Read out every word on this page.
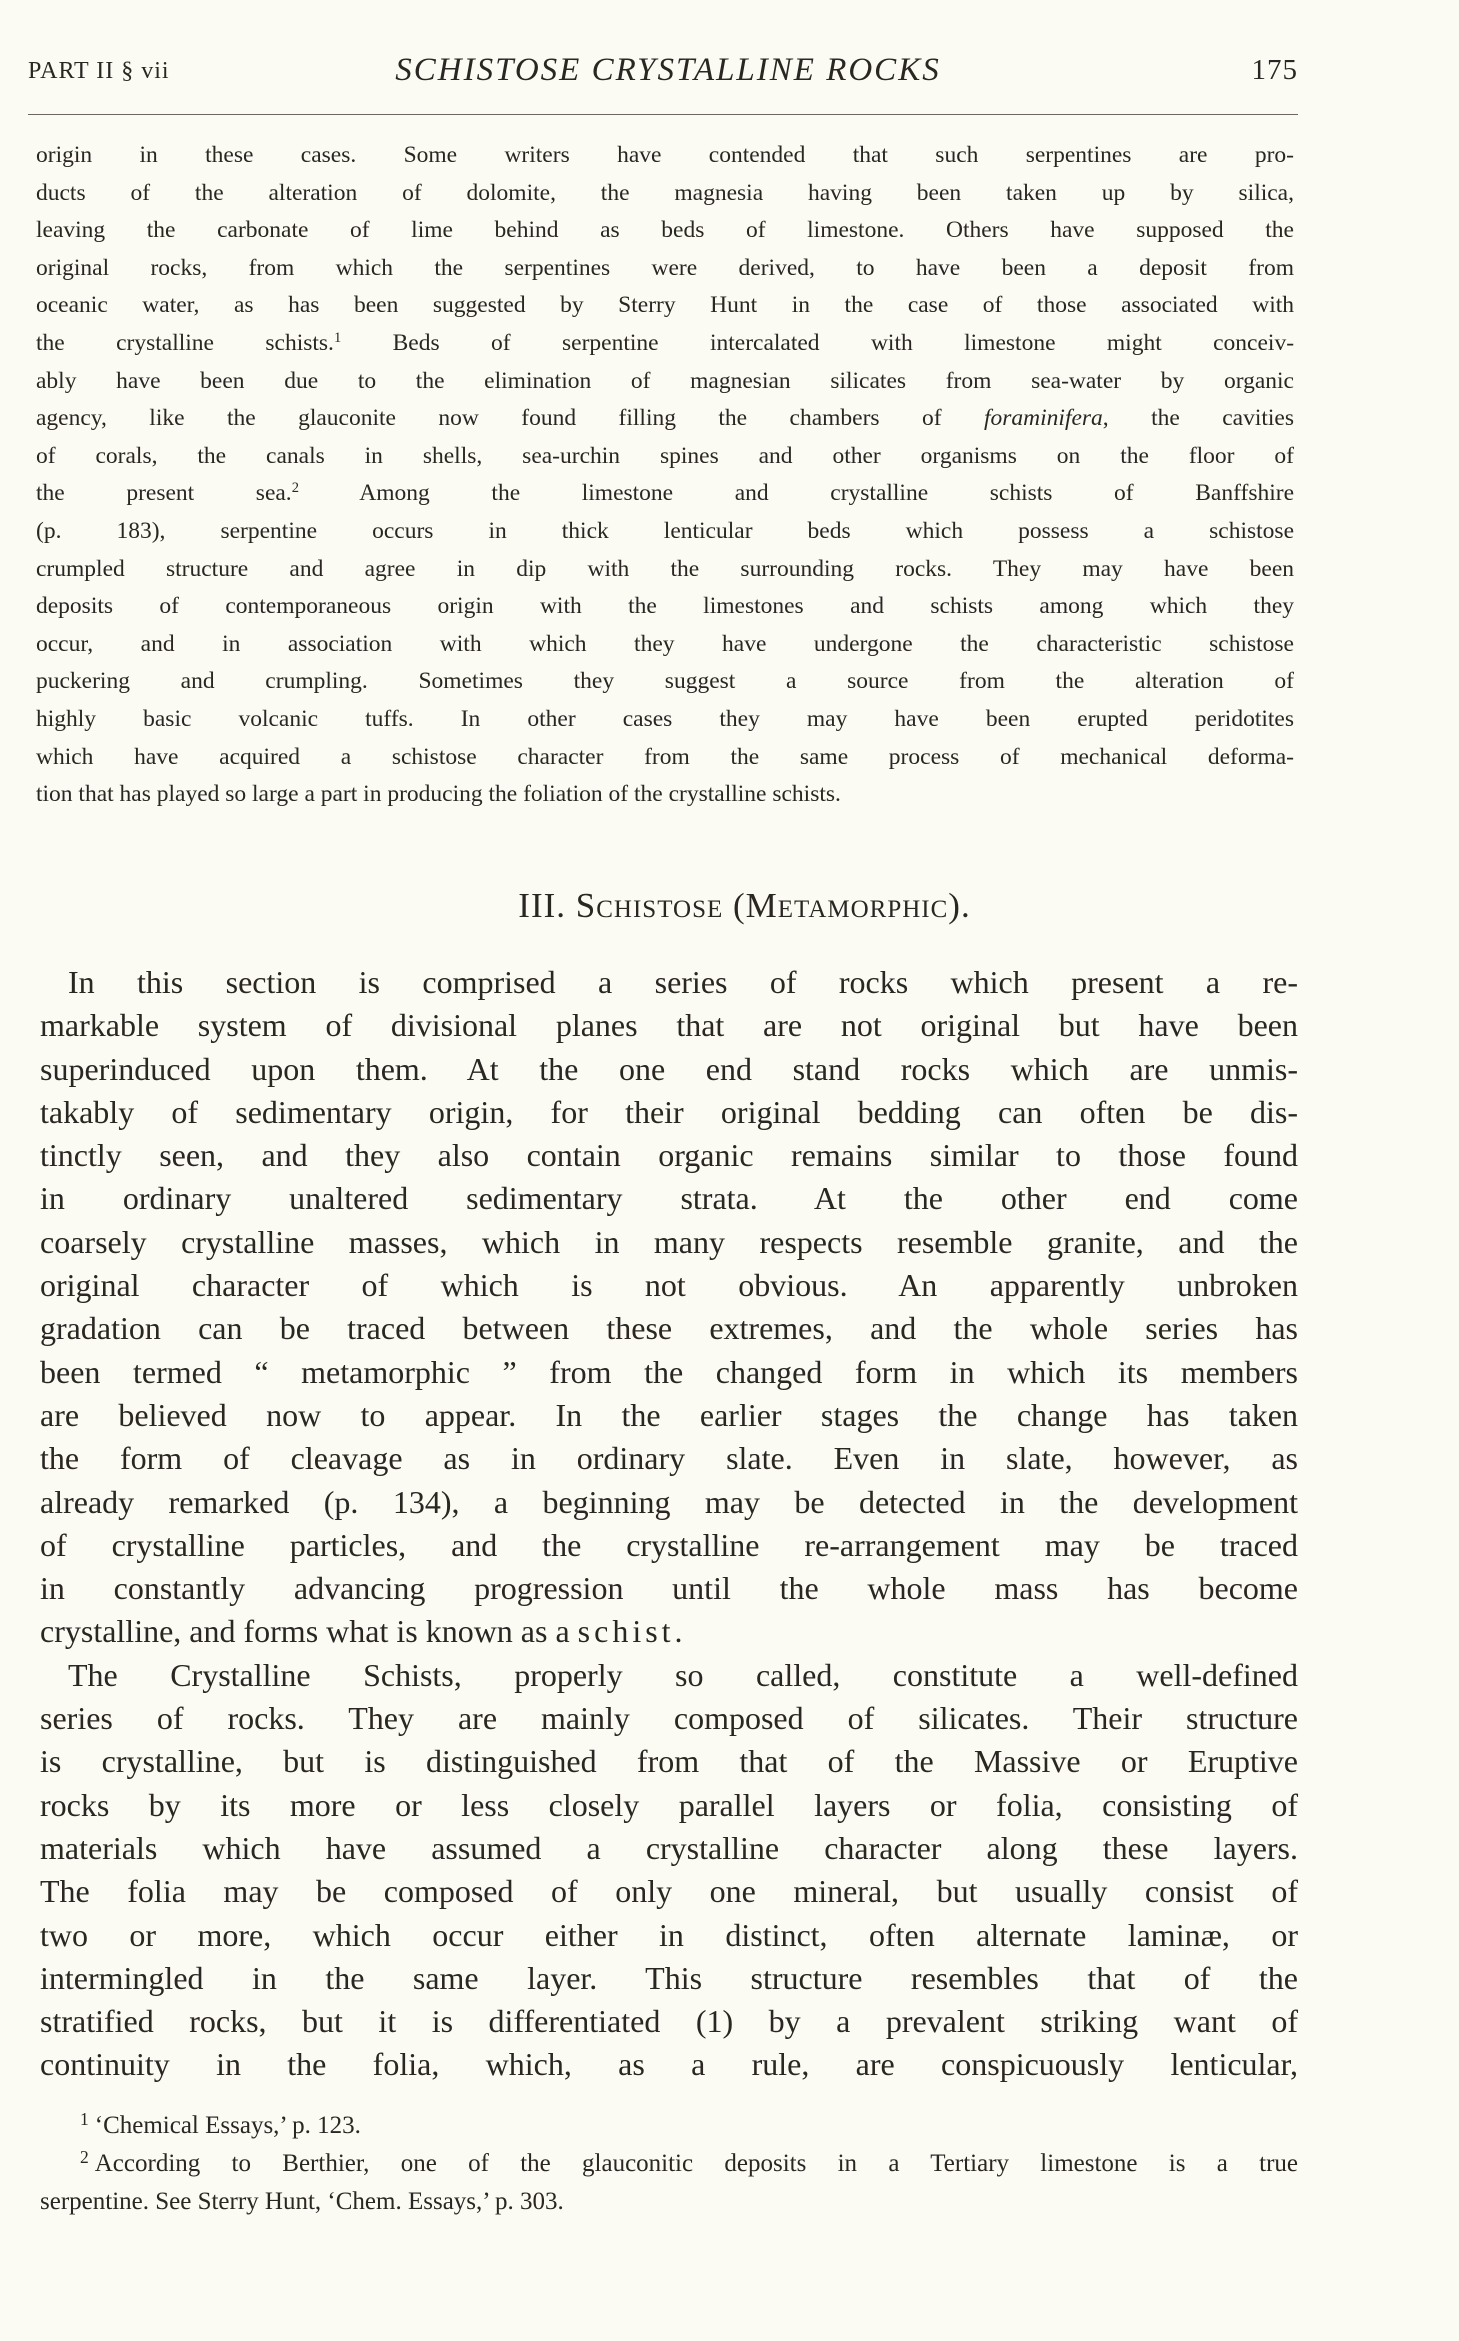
PART II § vii	SCHISTOSE CRYSTALLINE ROCKS	175

origin in these cases. Some writers have contended that such serpentines are pro-

ducts of the alteration of dolomite, the magnesia having been taken up by silica,

leaving the carbonate of lime behind as beds of limestone. Others have supposed the

original rocks, from which the serpentines were derived, to have been a deposit from

oceanic water, as has been suggested by Sterry Hunt in the case of those associated with

the crystalline schists.$^1$ Beds of serpentine intercalated with limestone might conceiv-

ably have been due to the elimination of magnesian silicates from sea-water by organic

agency, like the glauconite now found filling the chambers of foraminifera, the cavities

of corals, the canals in shells, sea-urchin spines and other organisms on the floor of

the present sea.$^2$	Among the limestone and crystalline schists of Banffshire

(p. 183), serpentine occurs in thick lenticular beds which possess a schistose

crumpled structure and agree in dip with the surrounding rocks. They may have been

deposits of contemporaneous origin with the limestones and schists among which they

occur, and in association with which they have undergone the characteristic schistose

puckering and crumpling. Sometimes they suggest a source from the alteration of

highly basic volcanic tuffs. In other cases they may have been erupted peridotites

which have acquired a schistose character from the same process of mechanical deforma-

tion that has played so large a part in producing the foliation of the crystalline schists.

III. Schistose (Metamorphic).
In this section is comprised a series of rocks which present a re-
markable system of divisional planes that are not original but have been
superinduced upon them. At the one end stand rocks which are unmis-
takably of sedimentary origin, for their original bedding can often be dis-
tinctly seen, and they also contain organic remains similar to those found
in ordinary unaltered sedimentary strata. At the other end come
coarsely crystalline masses, which in many respects resemble granite, and the
original character of which is not obvious. An apparently unbroken
gradation can be traced between these extremes, and the whole series has
been termed “ metamorphic ” from the changed form in which its members
are believed now to appear. In the earlier stages the change has taken
the form of cleavage as in ordinary slate. Even in slate, however, as
already remarked (p. 134), a beginning may be detected in the development
of crystalline particles, and the crystalline re-arrangement may be traced
in constantly advancing progression until the whole mass has become
crystalline, and forms what is known as a schist.
The Crystalline Schists, properly so called, constitute a well-defined
series of rocks. They are mainly composed of silicates. Their structure
is crystalline, but is distinguished from that of the Massive or Eruptive
rocks by its more or less closely parallel layers or folia, consisting of
materials which have assumed a crystalline character along these layers.
The folia may be composed of only one mineral, but usually consist of
two or more, which occur either in distinct, often alternate laminæ, or
intermingled in the same layer. This structure resembles that of the
stratified rocks, but it is differentiated (1) by a prevalent striking want of
continuity in the folia, which, as a rule, are conspicuously lenticular,
$^1$ ‘Chemical Essays,’ p. 123.
$^2$ According to Berthier, one of the glauconitic deposits in a Tertiary limestone is a true
serpentine. See Sterry Hunt, ‘Chem. Essays,’ p. 303.
